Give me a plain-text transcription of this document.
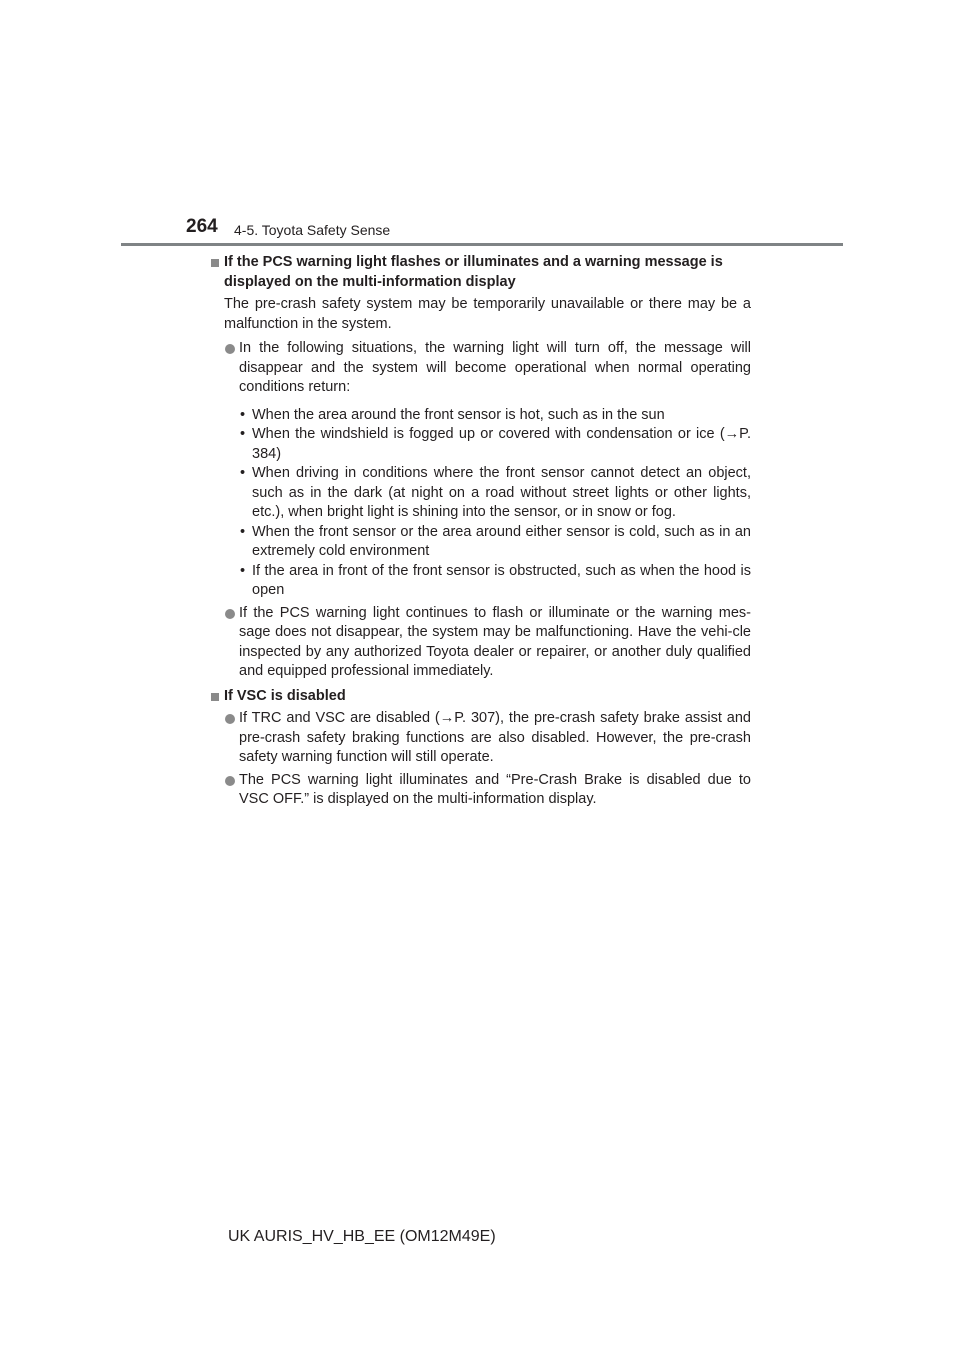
264 4-5. Toyota Safety Sense

If the PCS warning light flashes or illuminates and a warning message is displayed on the multi-information display

The pre-crash safety system may be temporarily unavailable or there may be a malfunction in the system.

In the following situations, the warning light will turn off, the message will disappear and the system will become operational when normal operating conditions return:
• When the area around the front sensor is hot, such as in the sun
• When the windshield is fogged up or covered with condensation or ice (→P. 384)
• When driving in conditions where the front sensor cannot detect an object, such as in the dark (at night on a road without street lights or other lights, etc.), when bright light is shining into the sensor, or in snow or fog.
• When the front sensor or the area around either sensor is cold, such as in an extremely cold environment
• If the area in front of the front sensor is obstructed, such as when the hood is open
If the PCS warning light continues to flash or illuminate or the warning mes-sage does not disappear, the system may be malfunctioning. Have the vehi-cle inspected by any authorized Toyota dealer or repairer, or another duly qualified and equipped professional immediately.

If VSC is disabled

If TRC and VSC are disabled (→P. 307), the pre-crash safety brake assist and pre-crash safety braking functions are also disabled. However, the pre-crash safety warning function will still operate.
The PCS warning light illuminates and “Pre-Crash Brake is disabled due to VSC OFF.” is displayed on the multi-information display.
UK AURIS_HV_HB_EE (OM12M49E)
